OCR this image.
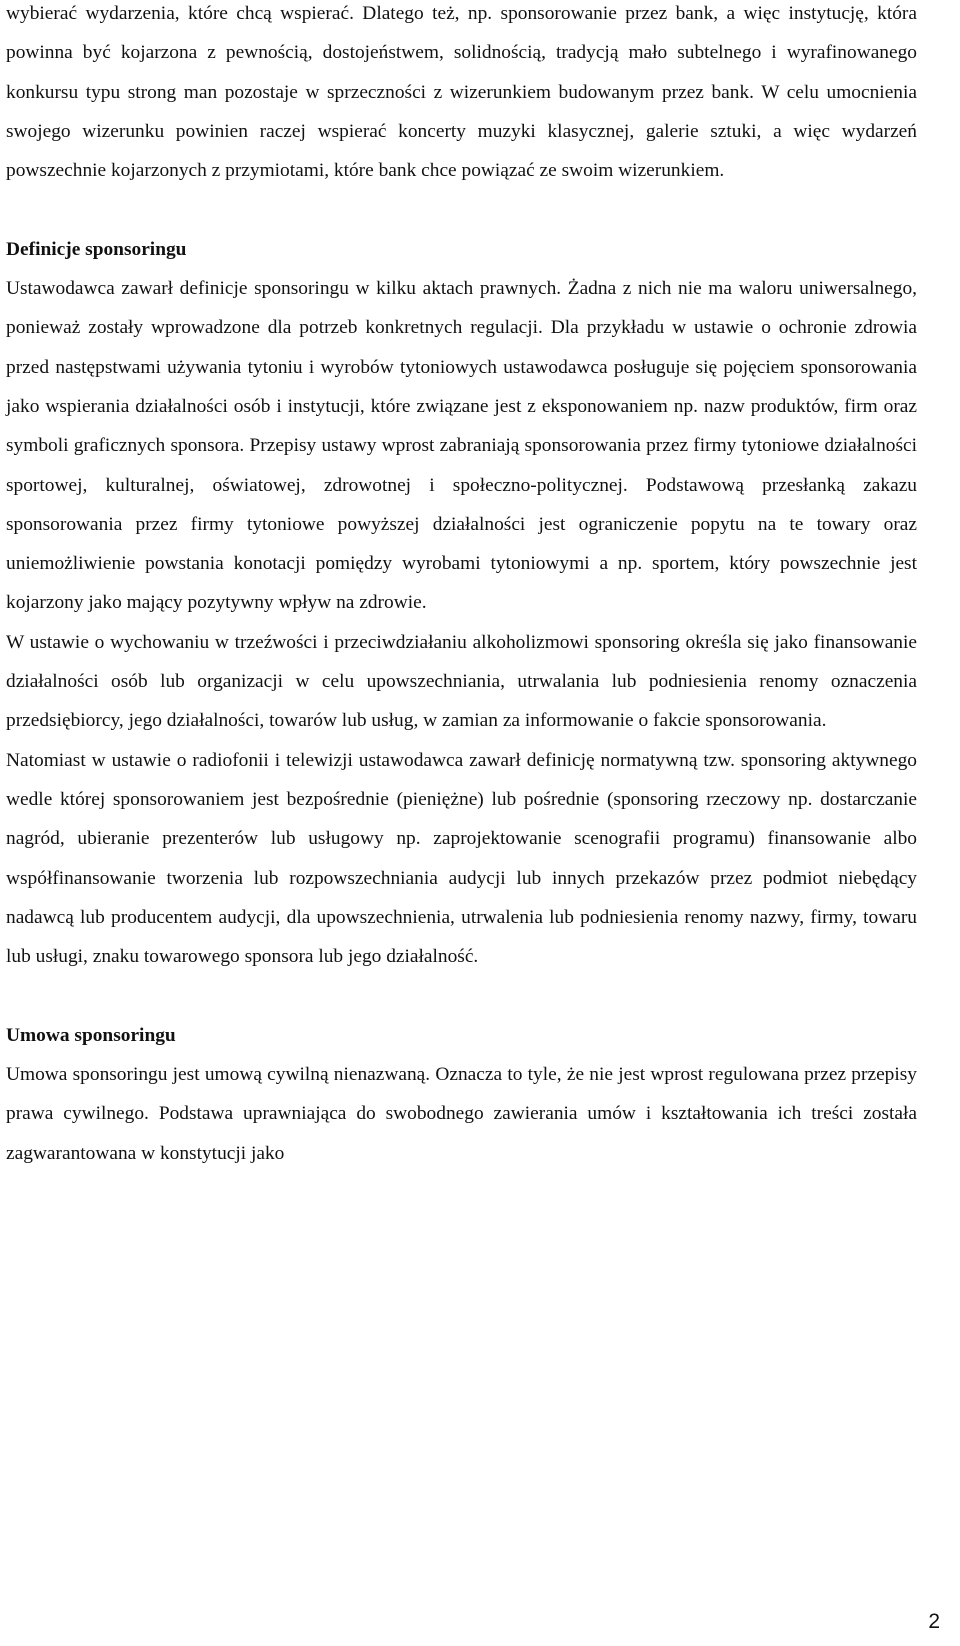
wybierać wydarzenia, które chcą wspierać. Dlatego też, np. sponsorowanie przez bank, a więc instytucję, która powinna być kojarzona z pewnością, dostojeństwem, solidnością, tradycją mało subtelnego i wyrafinowanego konkursu typu strong man pozostaje w sprzeczności z wizerunkiem budowanym przez bank. W celu umocnienia swojego wizerunku powinien raczej wspierać koncerty muzyki klasycznej, galerie sztuki, a więc wydarzeń powszechnie kojarzonych z przymiotami, które bank chce powiązać ze swoim wizerunkiem.

Definicje sponsoringu

Ustawodawca zawarł definicje sponsoringu w kilku aktach prawnych. Żadna z nich nie ma waloru uniwersalnego, ponieważ zostały wprowadzone dla potrzeb konkretnych regulacji. Dla przykładu w ustawie o ochronie zdrowia przed następstwami używania tytoniu i wyrobów tytoniowych ustawodawca posługuje się pojęciem sponsorowania jako wspierania działalności osób i instytucji, które związane jest z eksponowaniem np. nazw produktów, firm oraz symboli graficznych sponsora. Przepisy ustawy wprost zabraniają sponsorowania przez firmy tytoniowe działalności sportowej, kulturalnej, oświatowej, zdrowotnej i społeczno-politycznej. Podstawową przesłanką zakazu sponsorowania przez firmy tytoniowe powyższej działalności jest ograniczenie popytu na te towary oraz uniemożliwienie powstania konotacji pomiędzy wyrobami tytoniowymi a np. sportem, który powszechnie jest kojarzony jako mający pozytywny wpływ na zdrowie.

W ustawie o wychowaniu w trzeźwości i przeciwdziałaniu alkoholizmowi sponsoring określa się jako finansowanie działalności osób lub organizacji w celu upowszechniania, utrwalania lub podniesienia renomy oznaczenia przedsiębiorcy, jego działalności, towarów lub usług, w zamian za informowanie o fakcie sponsorowania.

Natomiast w ustawie o radiofonii i telewizji ustawodawca zawarł definicję normatywną tzw. sponsoring aktywnego wedle której sponsorowaniem jest bezpośrednie (pieniężne) lub pośrednie (sponsoring rzeczowy np. dostarczanie nagród, ubieranie prezenterów lub usługowy np. zaprojektowanie scenografii programu) finansowanie albo współfinansowanie tworzenia lub rozpowszechniania audycji lub innych przekazów przez podmiot niebędący nadawcą lub producentem audycji, dla upowszechnienia, utrwalenia lub podniesienia renomy nazwy, firmy, towaru lub usługi, znaku towarowego sponsora lub jego działalność.

Umowa sponsoringu

Umowa sponsoringu jest umową cywilną nienazwaną. Oznacza to tyle, że nie jest wprost regulowana przez przepisy prawa cywilnego. Podstawa uprawniająca do swobodnego zawierania umów i kształtowania ich treści została zagwarantowana w konstytucji jako

2
